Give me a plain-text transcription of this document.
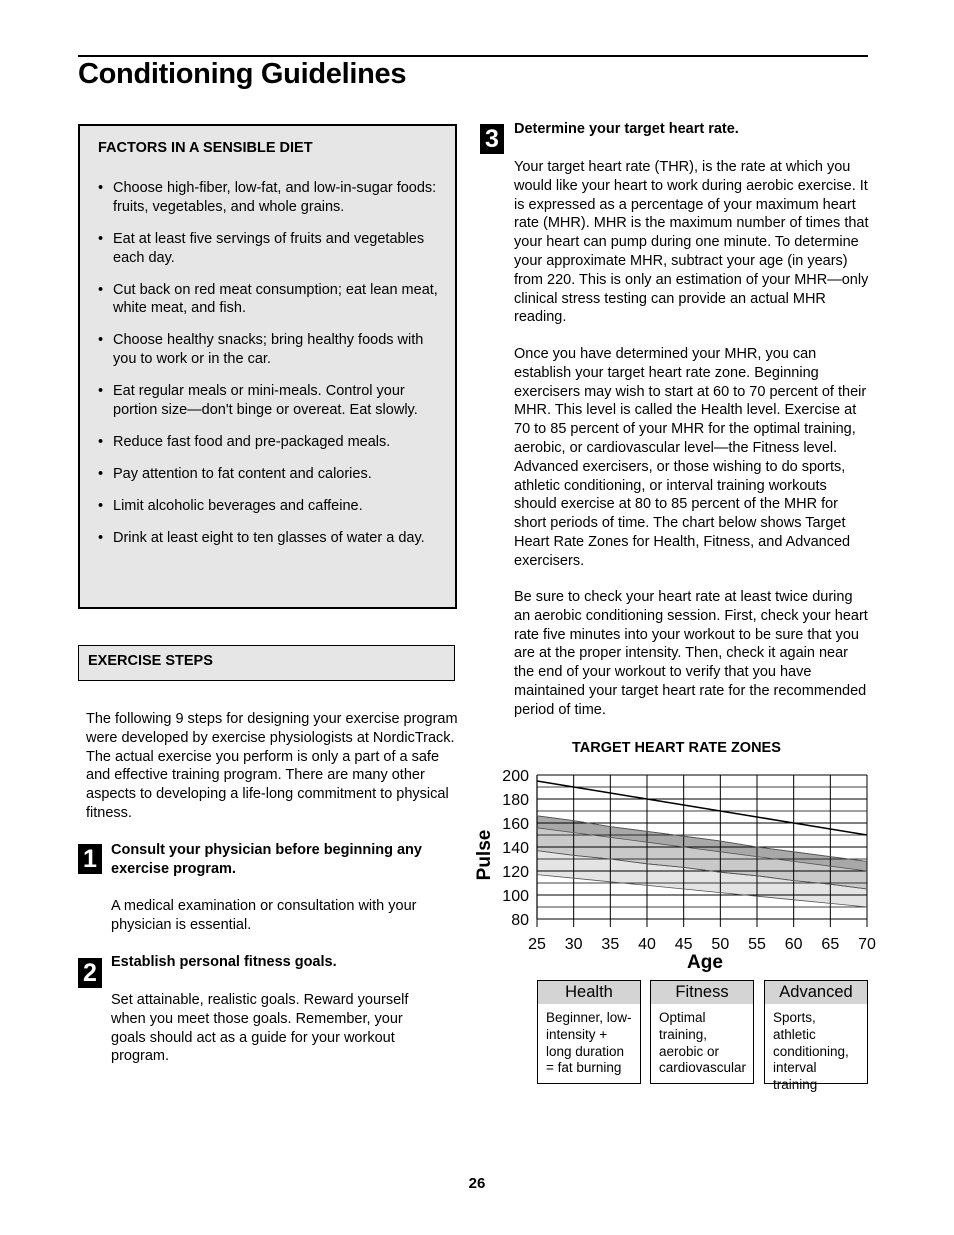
Conditioning Guidelines
FACTORS IN A SENSIBLE DIET
• Choose high-fiber, low-fat, and low-in-sugar foods: fruits, vegetables, and whole grains.
• Eat at least five servings of fruits and vegetables each day.
• Cut back on red meat consumption; eat lean meat, white meat, and fish.
• Choose healthy snacks; bring healthy foods with you to work or in the car.
• Eat regular meals or mini-meals. Control your portion size—don't binge or overeat. Eat slowly.
• Reduce fast food and pre-packaged meals.
• Pay attention to fat content and calories.
• Limit alcoholic beverages and caffeine.
• Drink at least eight to ten glasses of water a day.
EXERCISE STEPS
The following 9 steps for designing your exercise program were developed by exercise physiologists at NordicTrack. The actual exercise you perform is only a part of a safe and effective training program. There are many other aspects to developing a life-long commitment to physical fitness.
1 Consult your physician before beginning any exercise program.
A medical examination or consultation with your physician is essential.
2 Establish personal fitness goals.
Set attainable, realistic goals. Reward yourself when you meet those goals. Remember, your goals should act as a guide for your workout program.
3	Determine your target heart rate.
Your target heart rate (THR), is the rate at which you would like your heart to work during aerobic exercise. It is expressed as a percentage of your maximum heart rate (MHR). MHR is the maximum number of times that your heart can pump during one minute. To determine your approximate MHR, subtract your age (in years) from 220. This is only an estimation of your MHR—only clinical stress testing can provide an actual MHR reading.
Once you have determined your MHR, you can establish your target heart rate zone. Beginning exercisers may wish to start at 60 to 70 percent of their MHR. This level is called the Health level. Exercise at 70 to 85 percent of your MHR for the optimal training, aerobic, or cardiovascular level—the Fitness level. Advanced exercisers, or those wishing to do sports, athletic conditioning, or interval training workouts should exercise at 80 to 85 percent of the MHR for short periods of time. The chart below shows Target Heart Rate Zones for Health, Fitness, and Advanced exercisers.
Be sure to check your heart rate at least twice during an aerobic conditioning session. First, check your heart rate five minutes into your workout to be sure that you are at the proper intensity. Then, check it again near the end of your workout to verify that you have maintained your target heart rate for the recommended period of time.
TARGET HEART RATE ZONES
200
180
160
140
120
100
80
25 30 35 40 45 50 55 60 65 70
Pulse
Age
Health
Beginner, low-intensity + long duration = fat burning
Fitness
Optimal training, aerobic or cardiovascular
Advanced
Sports, athletic conditioning, interval training
26
